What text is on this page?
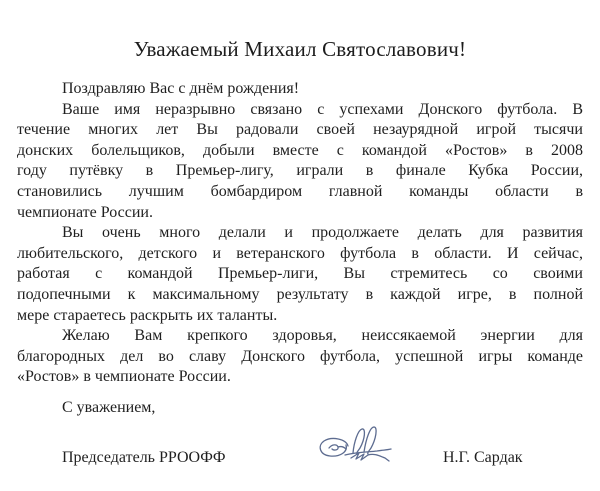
Уважаемый Михаил Святославович!
Поздравляю Вас с днём рождения!
Ваше имя неразрывно связано с успехами Донского футбола. В
течение многих лет Вы радовали своей незаурядной игрой тысячи
донских болельщиков, добыли вместе с командой «Ростов» в 2008
году путёвку в Премьер-лигу, играли в финале Кубка России,
становились лучшим бомбардиром главной команды области в
чемпионате России.
Вы очень много делали и продолжаете делать для развития
любительского, детского и ветеранского футбола в области. И сейчас,
работая с командой Премьер-лиги, Вы стремитесь со своими
подопечными к максимальному результату в каждой игре, в полной
мере стараетесь раскрыть их таланты.
Желаю Вам крепкого здоровья, неиссякаемой энергии для
благородных дел во славу Донского футбола, успешной игры команде
«Ростов» в чемпионате России.
С уважением,
Председатель РРООФФ	Н.Г. Сардак
